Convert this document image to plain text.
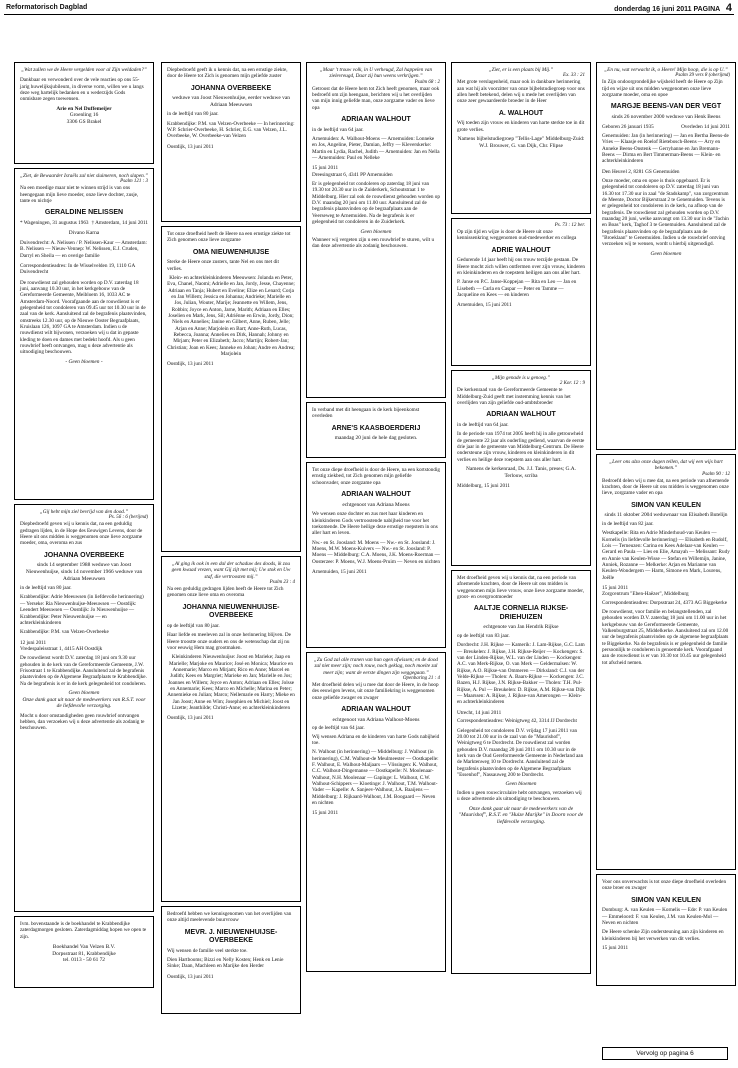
Reformatorisch Dagblad	donderdag 16 juni 2011 PAGINA 4
„Wat zullen we de Heere vergelden voor al Zijn weldaden?”
Dankbaar en verwonderd over de vele reacties op ons 55-jarig huwelijksjubileum, in diverse vorm, willen we u langs deze weg hartelijk bedanken en u wederzijds Gods onmisbare zegen toewensen.
Arie en Nel Duffemeijer
Groenling 16
3306 GS Brakel
„Ziet, de Bewaarder Israëls zal niet sluimeren, noch slapen.”
Psalm 121 : 3
Na een moedige maar niet te winnen strijd is van ons heengegaan mijn lieve moeder, onze lieve dochter, zusje, tante en nichtje
GERALDINE NELISSEN
* Wageningen, 31 augustus 1963 † Amsterdam, 14 juni 2011
Divano Karna
Duivendrecht: A. Nelissen / P. Nelissen-Kaur — Amsterdam: B. Nelissen — Nieuw-Vennep: W. Nelissen, E.J. Cruden, Darryl en Sheila — en overige familie
Correspondentieadres: In de Wisselvelden 19, 1110 GA Duivendrecht
De rouwdienst zal gehouden worden op D.V. zaterdag 18 juni, aanvang 10.30 uur, in het kerkgebouw van de Gereformeerde Gemeente, Meibloem 16, 1033 AC te Amsterdam-Noord. Voorafgaande aan de rouwdienst is er gelegenheid tot condoleren van 09.45 uur tot 10.30 uur in de zaal van de kerk. Aansluitend zal de begrafenis plaatsvinden, omstreeks 12.30 uur, op de Nieuwe Ooster Begraafplaats, Kruislaan 126, 1097 GA te Amsterdam. Indien u de rouwdienst wilt bijwonen, verzoeken wij u dat in gepaste kleding te doen en dames met bedekt hoofd. Als u geen rouwbrief heeft ontvangen, mag u deze advertentie als uitnodiging beschouwen.
- Geen bloemen -
„Gij hebt mijn ziel bevrijd van den dood.”
Ps. 56 : 6 (berijmd)
Diepbedroefd geven wij u kennis dat, na een geduldig gedragen lijden, in de Hope des Eeuwigen Levens, door de Heere uit ons midden is weggenomen onze lieve zorgzame moeder, oma, overoma en zus
JOHANNA OVERBEEKE
sinds 14 september 1988 weduwe van Joost Nieuwenhuijse, sinds 14 november 1966 weduwe van Adriaan Meeuwsen
in de leeftijd van 80 jaar.
Krabbendijke: Adrie Meeuwsen (in liefdevolle herinnering) — Yerseke: Ria Nieuwenhuijse-Meeuwsen — Oostdijk: Leendert Meeuwsen — Oostdijk: Jo Nieuwenhuijse — Krabbendijke: Peter Nieuwenhuijse — en achterkleinkinderen
Krabbendijke: P.M. van Velzen-Overbeeke
12 juni 2011
Vredespaleisstraat 1, 4415 AH Oostdijk
De rouwdienst wordt D.V. zaterdag 18 juni om 9.30 uur gehouden in de kerk van de Gereformeerde Gemeente, J.W. Frisostraat 1 te Krabbendijke. Aansluitend zal de begrafenis plaatsvinden op de Algemene Begraafplaats te Krabbendijke. Na de begrafenis is er in de kerk gelegenheid tot condoleren.
Geen bloemen
Onze dank gaat uit naar de medewerkers van R.S.T. voor de liefdevolle verzorging.
Mocht u door omstandigheden geen rouwbrief ontvangen hebben, dan verzoeken wij u deze advertentie als zodanig te beschouwen.
Ivm. bovenstaande is de boekhandel te Krabbendijke zaterdagmorgen gesloten. Zaterdagmiddag hopen we open te zijn.
Boekhandel Van Velzen B.V.
Dorpsstraat 81, Krabbendijke
tel. 0113 - 50 61 72
Diepbedroefd geeft ik u kennis dat, na een ernstige ziekte, door de Heere tot Zich is genomen mijn geliefde zuster
JOHANNA OVERBEEKE
weduwe van Joost Nieuwenhuijse, eerder weduwe van Adriaan Meeuwsen
in de leeftijd van 80 jaar.
Krabbendijke: P.M. van Velzen-Overbeeke — In herinnering: W.P. Schrier-Overbeeke, H. Schrier, E.G. van Velzen, J.L. Overbeeke, W. Overbeeke-van Velzen
Oostdijk, 13 juni 2011
Tot onze droefheid heeft de Heere na een ernstige ziekte tot Zich genomen onze lieve zorgzame
OMA NIEUWENHUIJSE
Sterke de Heere onze zusters, tante Nel en ons met dit verlies.
Klein- en achterkleinkinderen Meeuwsen: Jolanda en Peter, Eva, Chanel, Naomi; Adrielle en Jan, Jordy, Jesse, Chayenne; Adriaan en Tanja; Hubert en Eveline; Elize en Lenard; Corja en Jan Willem; Jessica en Johanna; Andrieke; Marielle en Jos, Julian, Wouter, Marije; Jeannette en Willem, Jens, Robbin; Joyce en Anton, Jarne, Marith; Adriaan en Elles; Joselien en Mark, Jens, Sil; Adriënne en Erwin, Jordy, Dion; Niels en Annelies; Janine en Gilbert, Anne, Ruben, Jelle; Arjan en Anne; Marjolein en Bart; Anne-Ruth, Lucas, Rebecca, Joanna; Annelies en Dirk, Hannah; Johnny en Mirjam; Peter en Elizabeth; Jacco; Martijn; Robert-Jan; Christian; Joan en Kees; Janneke en Johan; Andre en Andrea; Marjolein
Oostdijk, 13 juni 2011
„Al ging ik ook in een dal der schaduw des doods, ik zou geen kwaad vrezen, want Gij zijt met mij; Uw stok en Uw staf, die vertroosten mij.”
Psalm 23 : 4
Na een geduldig gedragen lijden heeft de Heere tot Zich genomen onze lieve oma en overoma
JOHANNA NIEUWENHUIJSE-OVERBEEKE
op de leeftijd van 80 jaar.
Haar liefde en meeleven zal in onze herinnering blijven. De Heere troostte onze ouders en ons de wetenschap dat zij nu voor eeuwig Hem mag grootmaken.
Kleinkinderen Nieuwenhuijse: Joost en Marieke; Jaap en Marielle; Marjoke en Maurice; José en Monica; Maurice en Annemarie; Marco en Mirjam; Rico en Anne; Marcel en Judith; Kees en Margriet; Marieke en Jan; Marielle en Jos; Joannes en Willem; Joyce en Anton; Adriaan en Elles; Jolsse en Annemarie; Kees; Marco en Michelle; Marina en Peter; Annemieke en Julian; Marco; Nellemarie en Harry; Mieke en Jan Joost; Anne en Wim; Josephien en Michiel; Joost en Lizette; Jeanthilde; Christi-Anne; en achterkleinkinderen
Oostdijk, 13 juni 2011
Bedroefd hebben we kennisgenomen van het overlijden van onze altijd meelevende buurvrouw
MEVR. J. NIEUWENHUIJSE-OVERBEEKE
Wij wensen de familie veel sterkte toe.
Dien Hartbooms; Bizzi en Nelly Kosten; Henk en Lenie Sinke; Daan, Machleen en Marijke den Herder
Oostdijk, 13 juni 2011
„Maar 't trouw volk, in U verheugd, Zal happelen van zielevreugd, Daar zij hun weens verkrijgen.”
Psalm 68 : 2
Getroost dat de Heere hem tot Zich heeft genomen, maar ook bedroefd om zijn heengaan, berichten wij u het overlijden van mijn innig geliefde man, onze zorgzame vader en lieve opa
ADRIAAN WALHOUT
in de leeftijd van 64 jaar.
Arnemuiden: A. Walhout-Moens — Arnemuiden: Lonneke en Jos, Angeline, Pieter, Damian, Jeffry — Kleverskerke: Martin en Lydia, Rachel, Judith — Arnemuiden: Jan en Nella — Arnemuiden: Paul en Nelleke
15 juni 2011
Dreesingstraat 6, 4341 PP Arnemuiden
Er is gelegenheid tot condoleren op zaterdag 18 juni van 19.30 tot 20.30 uur in de Zuiderkerk, Schoutstraat 1 te Middelburg. Hier zal ook de rouwdienst gehouden worden op D.V. maandag 20 juni om 11.00 uur. Aansluitend zal de begrafenis plaatsvinden op de begraafplaats aan de Veerseweg te Arnemuiden. Na de begrafenis is er gelegenheid tot condoleren in de Zuiderkerk.
Geen bloemen
Wanneer wij vergeten zijn u een rouwbrief te sturen, wilt u dan deze advertentie als zodanig beschouwen.
In verband met dit heengaan is de kerk bijeenkomst overleden
ARNE'S KAASBOERDERIJ
maandag 20 juni de hele dag gesloten.
Tot onze diepe droefheid is door de Heere, na een kortstondig ernstig ziekbed, tot Zich genomen mijn geliefde schoonvader, onze zorgzame opa
ADRIAAN WALHOUT
echtgenoot van Adriana Moens
We wensen onze dochter en zus met haar kinderen en kleinkinderen Gods vertroostende nabijheid toe voor het toekomende. De Heere heilige deze ernstige roepstem in ons aller hart en leven.
Nw.- en St. Joosland: M. Moens — Nw.- en St. Joosland: J. Moens, M.W. Moens-Kuivers — Nw.- en St. Joosland: P. Moens — Middelburg: C.A. Moens, J.K. Moens-Roerman — Oosterzee: P. Moens, W.J. Moens-Pruim — Neven en nichten
Arnemuiden, 15 juni 2011
„Zu God zal alle tranen van hun ogen afwissen; en de dood zal niet meer zijn; noch rouw, noch geklag, noch moeite zal meer zijn; want de eerste dingen zijn weggegaan.”
Openbaring 21 : 4
Met droefheid delen wij u mee dat door de Heere, in de hoop des eeuwigen levens, uit onze familiekring is weggenomen onze geliefde zwager en zwager
ADRIAAN WALHOUT
echtgenoot van Adriana Walhout-Moens
op de leeftijd van 64 jaar.
Wij wensen Adriana en de kinderen van harte Gods nabijheid toe.
N. Walhout (in herinnering) — Middelburg: J. Walhout (in herinnering), C.M. Walhout-de Meulmeester — Oostkapelle: F. Walhout, E. Walhout-Maljaars — Vlissingen: K. Walhout, C.C. Walhout-Dingemanse — Oostkapelle: N. Moolenaar-Walhout, N.H. Moolenaar — Gapinge: L. Walhout, C.W. Walhout-Schippers — Kloetinge: J. Walhout, T.M. Walhout-Vader — Kapelle: A. Sanjeev-Walhout, J.A. Baaijens — Middelburg: J. Rijkaard-Walhout, J.M. Boogaard — Neven en nichten
15 juni 2011
„Ziet, er is een plaats bij Mij.”
Ex. 33 : 21
Met grote verslagenheid, maar ook in dankbare herinnering aan wat hij als voorzitter van onze bijbelstudiegroep voor ons allen heeft betekend, delen wij u mede het overlijden van onze zeer gewaardeerde broeder in de Heer
A. WALHOUT
Wij toeden zijn vrouw en kinderen van harte sterkte toe in dit grote verlies.
Namens bijbelstudiegroep "Tellis-Lage" Middelburg-Zuid: W.J. Brouwer, G. van Dijk, Chr. Flipse
Ps. 73 : 12 ber.
Op zijn tijd en wijze is door de Heere uit onze kennissenkring weggenomen oud-medewerker en collega
ADRIE WALHOUT
Gedurende 14 jaar heeft hij ons trouw terzijde gestaan. De Heere mocht zich willen ontfermen over zijn vrouw, kinderen en kleinkinderen en de roepstem heiligen aan ons aller hart.
P. Janse en P.C. Janse-Koppejan — Rita en Leo — Jan en Lisebeth — Carla en Caspar — Peter en Tamme — Jacqueline en Kees — en kinderen
Arnemuiden, 15 juni 2011
„Mijn genade is u genoeg.”
2 Kor. 12 : 9
De kerkenraad van de Gereformeerde Gemeente te Middelburg-Zuid geeft met instemming kennis van het overlijden van zijn geliefde oud-ambtsbroeder
ADRIAAN WALHOUT
in de leeftijd van 64 jaar.
In de periode van 1974 tot 2005 heeft hij in alle getrouwheid de gemeente 22 jaar als ouderling gediend, waarvan de eerste drie jaar in de gemeente van Middelburg-Centrum. De Heere ondersteune zijn vrouw, kinderen en kleinkinderen in dit verlies en heilige deze roepstem aan ons aller hart.
Namens de kerkenraad, Ds. J.J. Tanis, preses; G.A. Terlouw, scriba
Middelburg, 15 juni 2011
Met droefheid geven wij u kennis dat, na een periode van afnemende krachten, door de Heere uit ons midden is weggenomen mijn lieve vrouw, onze lieve zorgzame moeder, groot- en overgrootmoeder
AALTJE CORNELIA RIJKSE-DRIEHUIZEN
echtgenote van Jan Hendrik Rijkse
op de leeftijd van 83 jaar.
Dordrecht: J.H. Rijkse — Kamerik: J. Lam-Rijkse, G.C. Lam — Breukelen: J. Rijkse, J.H. Rijkse-Reijer — Kockengen: S. van der Linden-Rijkse, W.L. van der Linden — Kockengen: A.C. van Merk-Rijkse, O. van Merk — Geldermalsen: W. Rijkse, A.O. Rijkse-van Ommeren — Dirksland: C.J. van der Velde-Rijkse — Tholen: A. Baars-Rijkse — Kockengen: J.C. Bazen, H.J. Rijkse, J.N. Rijkse-Bakker — Tholen: T.H. Pul-Rijkse, A. Pul — Breukelen: D. Rijkse, A.M. Rijkse-van Dijk — Maarssen: A. Rijkse, J. Rijkse-van Amerongen — Klein- en achterkleinkinderen
Utrecht, 14 juni 2011
Correspondentieadres: Weinigtweg 42, 3314 JJ Dordrecht
Gelegenheid tot condoleren D.V. vrijdag 17 juni 2011 van 20.00 tot 21.00 uur in de zaal van de "Maurishof", Weinigtweg 6 te Dordrecht. De rouwdienst zal worden gehouden D.V. maandag 20 juni 2011 om 10.30 uur in de kerk van de Oud Gereformeerde Gemeente in Nederland aan de Marktenweg 10 te Dordrecht. Aansluitend zal de begrafenis plaatsvinden op de Algemene Begraafplaats "Essenhof", Nassauweg 200 te Dordrecht.
Geen bloemen
Indien u geen rouwcirculaire hebt ontvangen, verzoeken wij u deze advertentie als uitnodiging te beschouwen.
Onze dank gaat uit naar de medewerkers van de "Maurishof", R.S.T. en "Huize Marijke" in Doorn voor de liefdevolle verzorging.
„En nu, wat verwacht ik, o Heere! Mijn hoop, die is op U.”
Psalm 39 vers 8 (oberijmd)
In Zijn ondoorgrondelijke wijsheid heeft de Heere op Zijn tijd en wijze uit ons midden weggenomen onze lieve zorgzame moeder, oma en opoe
MARGJE BEENS-VAN DER VEGT
sinds 26 november 2000 weduwe van Henk Beens
Geboren 26 januari 1935	Overleden 14 juni 2011
Genemuiden: Jan (in herinnering) — Jan en Bertha Beens-de Vries — Klaasje en Roelof Rietebosch-Beens — Arry en Anneke Beens-Onstenk — Gerryhanne en Jan Bremann-Beens — Dirma en Bert Timmerman-Beens — Klein- en achterkleinkinderen
Den Heuvel 2, 8281 GS Genemuiden
Onze moeder, oma en opoe is thuis opgebaard. Er is gelegenheid tot condoleren op D.V. zaterdag 18 juni van 16.30 tot 17.30 uur in zaal "de Stadskamp", van zorgcentrum de Meente, Doctor Bijkerstraat 2 te Genemuiden. Tevens is er gelegenheid tot condoleren in de kerk, na afloop van de begrafenis. De rouwdienst zal gehouden worden op D.V. maandag 20 juni, welke aanvangt om 13.30 uur in de "Jachin en Boas" kerk, Taghof 3 te Genemuiden. Aansluitend zal de begrafenis plaatsvinden op de begraafplaats aan de "Broeklaan" te Genemuiden. Indien u de rouwbrief ontving verzoeken wij te wensen, wordt u hierbij uitgenodigd.
Geen bloemen
„Leer ons alzo onze dagen tellen, dat wij een wijs hart bekomen.”
Psalm 90 : 12
Bedroefd delen wij u mee dat, na een periode van afnemende krachten, door de Heere uit ons midden is weggenomen onze lieve, zorgzame vader en opa
SIMON VAN KEULEN
sinds 11 oktober 2004 weduwnaar van Elisabeth Butelijn
in de leeftijd van 82 jaar.
Westkapelle: Rita en Adrie Minderhoud-van Keulen — Kornelis (in liefdevolle herinnering) — Elisabeth en Rudolf, Lois — Terneuzen: Carina en Kees Adelaar-van Keulen — Gerard en Paula — Lies en Elie, Amayah — Melissant: Rudy en Annie van Keulen-Wisse — Stefan en Willemijn, Janine, Anniek, Rozanne — Melkerke: Arjan en Marianne van Keulen-Wondergem — Harm, Simone en Mark, Lourens, Joëlle
15 juni 2011
Zorgcentrum "Eben-Haëzer", Middelburg
Correspondentieadres: Dorpsstraat 24, 4373 AG Biggekerke
De rouwdienst, voor familie en belangstellenden, zal gehouden worden D.V. zaterdag 18 juni om 11.00 uur in het kerkgebouw van de Gereformeerde Gemeente, Valkenburgstraat 25, Middelkerke. Aansluitend zal om 12.00 uur de begrafenis plaatsvinden op de algemene begraafplaats te Biggekerke. Na de begrafenis is er gelegenheid de familie persoonlijk te condoleren in genoemde kerk. Voorafgaand aan de rouwdienst is er van 10.30 tot 10.45 uur gelegenheid tot afscheid nemen.
Voor ons onverwachts is tot onze diepe droefheid overleden onze broer en zwager
SIMON VAN KEULEN
Domburg: A. van Keulen — Kornelis — Ede: P. van Keulen — Emmeloord: F. van Keulen, J.M. van Keulen-Mol — Neven en nichten
De Heere schenke Zijn ondersteuning aan zijn kinderen en kleinkinderen bij het verwerken van dit verlies.
15 juni 2011
Vervolg op pagina 6
